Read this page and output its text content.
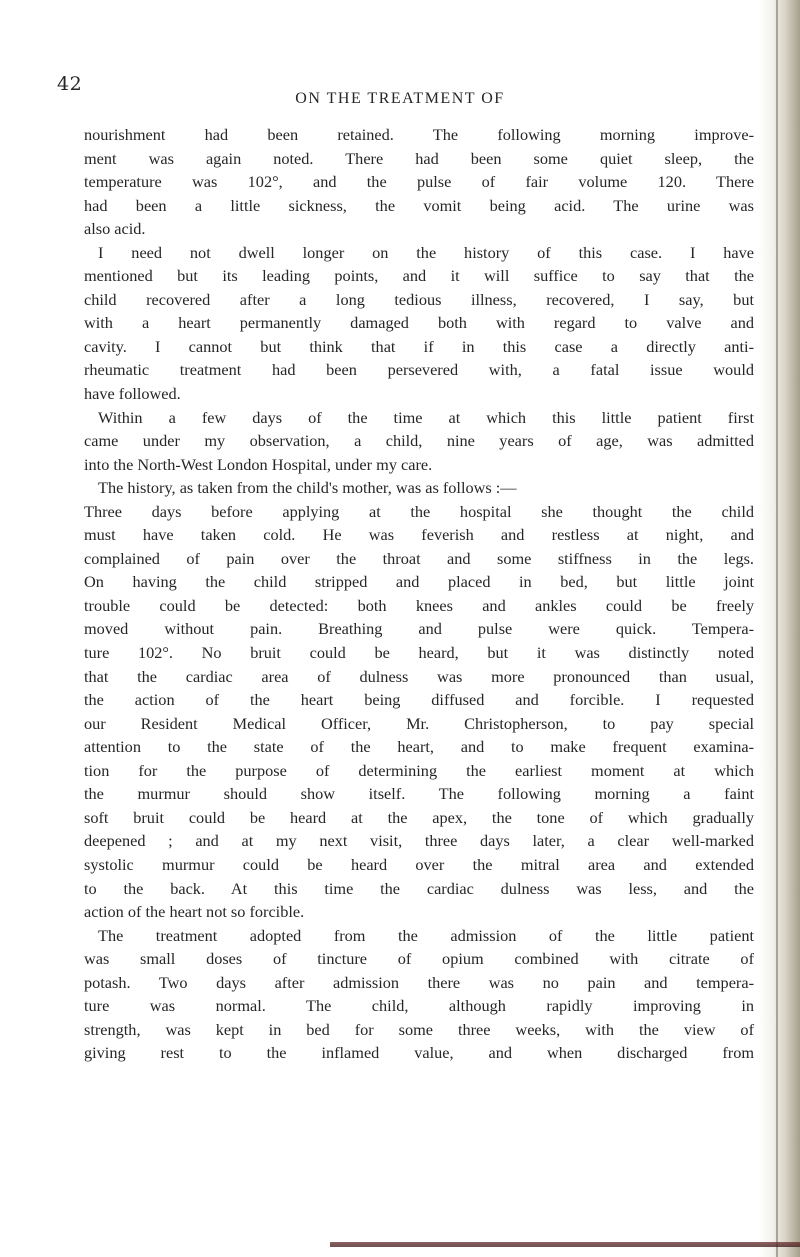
42
ON THE TREATMENT OF
nourishment had been retained. The following morning improve-
ment was again noted. There had been some quiet sleep, the
temperature was 102°, and the pulse of fair volume 120. There
had been a little sickness, the vomit being acid. The urine was
also acid.
I need not dwell longer on the history of this case. I have
mentioned but its leading points, and it will suffice to say that the
child recovered after a long tedious illness, recovered, I say, but
with a heart permanently damaged both with regard to valve and
cavity. I cannot but think that if in this case a directly anti-
rheumatic treatment had been persevered with, a fatal issue would
have followed.
Within a few days of the time at which this little patient first
came under my observation, a child, nine years of age, was admitted
into the North-West London Hospital, under my care.
The history, as taken from the child's mother, was as follows :—
Three days before applying at the hospital she thought the child
must have taken cold. He was feverish and restless at night, and
complained of pain over the throat and some stiffness in the legs.
On having the child stripped and placed in bed, but little joint
trouble could be detected: both knees and ankles could be freely
moved without pain. Breathing and pulse were quick. Tempera-
ture 102°. No bruit could be heard, but it was distinctly noted
that the cardiac area of dulness was more pronounced than usual,
the action of the heart being diffused and forcible. I requested
our Resident Medical Officer, Mr. Christopherson, to pay special
attention to the state of the heart, and to make frequent examina-
tion for the purpose of determining the earliest moment at which
the murmur should show itself. The following morning a faint
soft bruit could be heard at the apex, the tone of which gradually
deepened ; and at my next visit, three days later, a clear well-marked
systolic murmur could be heard over the mitral area and extended
to the back. At this time the cardiac dulness was less, and the
action of the heart not so forcible.
The treatment adopted from the admission of the little patient
was small doses of tincture of opium combined with citrate of
potash. Two days after admission there was no pain and tempera-
ture was normal. The child, although rapidly improving in
strength, was kept in bed for some three weeks, with the view of
giving rest to the inflamed value, and when discharged from
